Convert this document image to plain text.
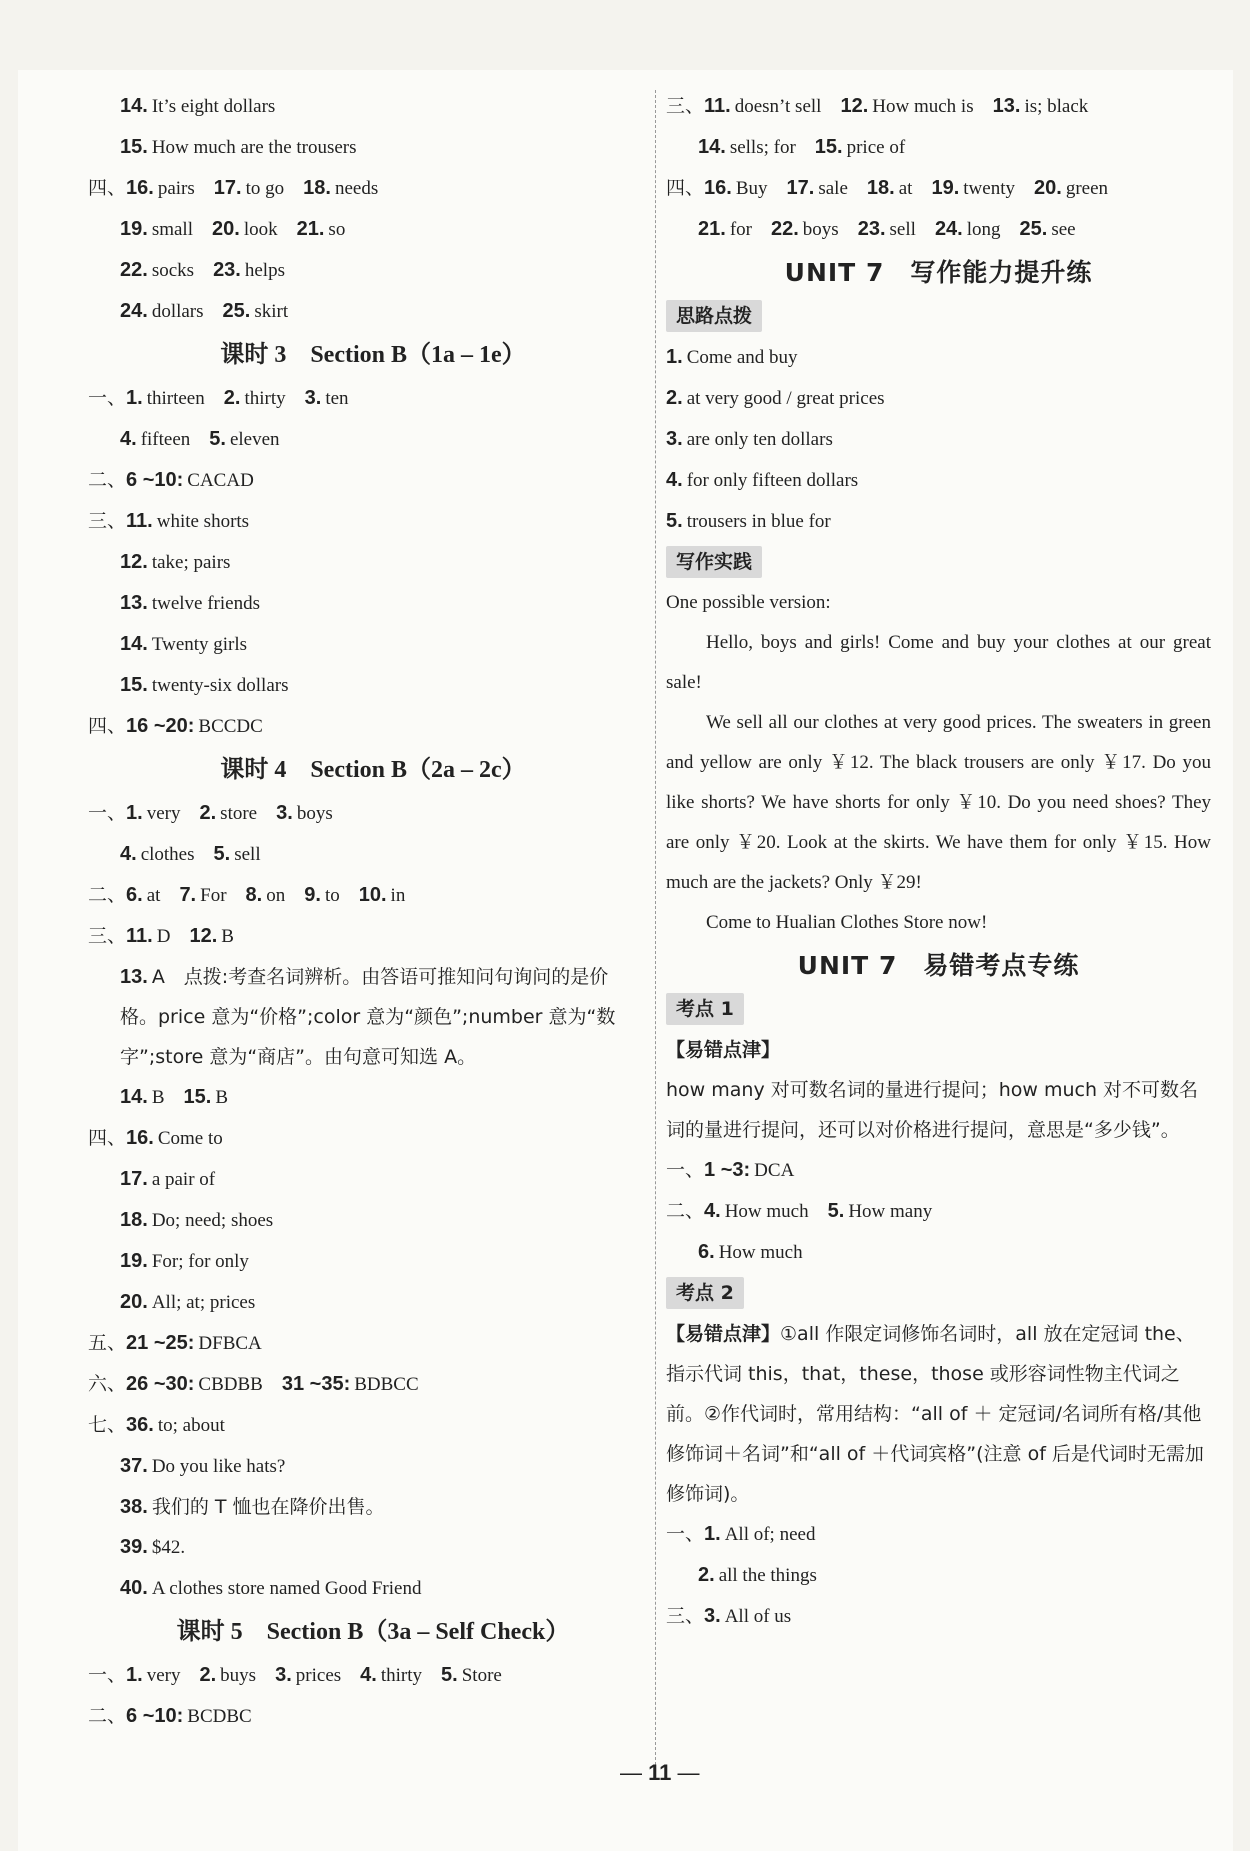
14. It’s eight dollars
15. How much are the trousers
四、16. pairs　 17. to go　 18. needs
19. small　 20. look　 21. so
22. socks　 23. helps
24. dollars　 25. skirt
课时 3　Section B（1a – 1e）
一、1. thirteen　 2. thirty　 3. ten
4. fifteen　 5. eleven
二、6 ~10: CACAD
三、11. white shorts
12. take; pairs
13. twelve friends
14. Twenty girls
15. twenty-six dollars
四、16 ~20: BCCDC
课时 4　Section B（2a – 2c）
一、1. very　 2. store　 3. boys
4. clothes　 5. sell
二、6. at　 7. For　 8. on　 9. to　 10. in
三、11. D　 12. B
13. A　点拨:考查名词辨析。由答语可推知问句询问的是价格。price 意为“价格”;color 意为“颜色”;number 意为“数字”;store 意为“商店”。由句意可知选 A。
14. B　 15. B
四、16. Come to
17. a pair of
18. Do; need; shoes
19. For; for only
20. All; at; prices
五、21 ~25: DFBCA
六、26 ~30: CBDBB　 31 ~35: BDBCC
七、36. to; about
37. Do you like hats?
38. 我们的 T 恤也在降价出售。
39. $42.
40. A clothes store named Good Friend
课时 5　Section B（3a – Self Check）
一、1. very　 2. buys　 3. prices　 4. thirty　 5. Store
二、6 ~10: BCDBC
三、11. doesn’t sell　 12. How much is　 13. is; black
14. sells; for　 15. price of
四、16. Buy　 17. sale　 18. at　 19. twenty　 20. green
21. for　 22. boys　 23. sell　 24. long　 25. see
UNIT 7　写作能力提升练
思路点拨
1. Come and buy
2. at very good / great prices
3. are only ten dollars
4. for only fifteen dollars
5. trousers in blue for
写作实践
One possible version:
Hello, boys and girls! Come and buy your clothes at our great sale!
We sell all our clothes at very good prices. The sweaters in green and yellow are only ￥12. The black trousers are only ￥17. Do you like shorts? We have shorts for only ￥10. Do you need shoes? They are only ￥20. Look at the skirts. We have them for only ￥15. How much are the jackets? Only ￥29!
Come to Hualian Clothes Store now!
UNIT 7　易错考点专练
考点 1
【易错点津】
how many 对可数名词的量进行提问；how much 对不可数名词的量进行提问，还可以对价格进行提问，意思是“多少钱”。
一、1 ~3: DCA
二、4. How much　 5. How many
6. How much
考点 2
【易错点津】①all 作限定词修饰名词时，all 放在定冠词 the、指示代词 this，that，these，those 或形容词性物主代词之前。②作代词时，常用结构：“all of ＋ 定冠词/名词所有格/其他修饰词＋名词”和“all of ＋代词宾格”(注意 of 后是代词时无需加修饰词)。
一、1. All of; need
2. all the things
三、3. All of us
— 11 —
